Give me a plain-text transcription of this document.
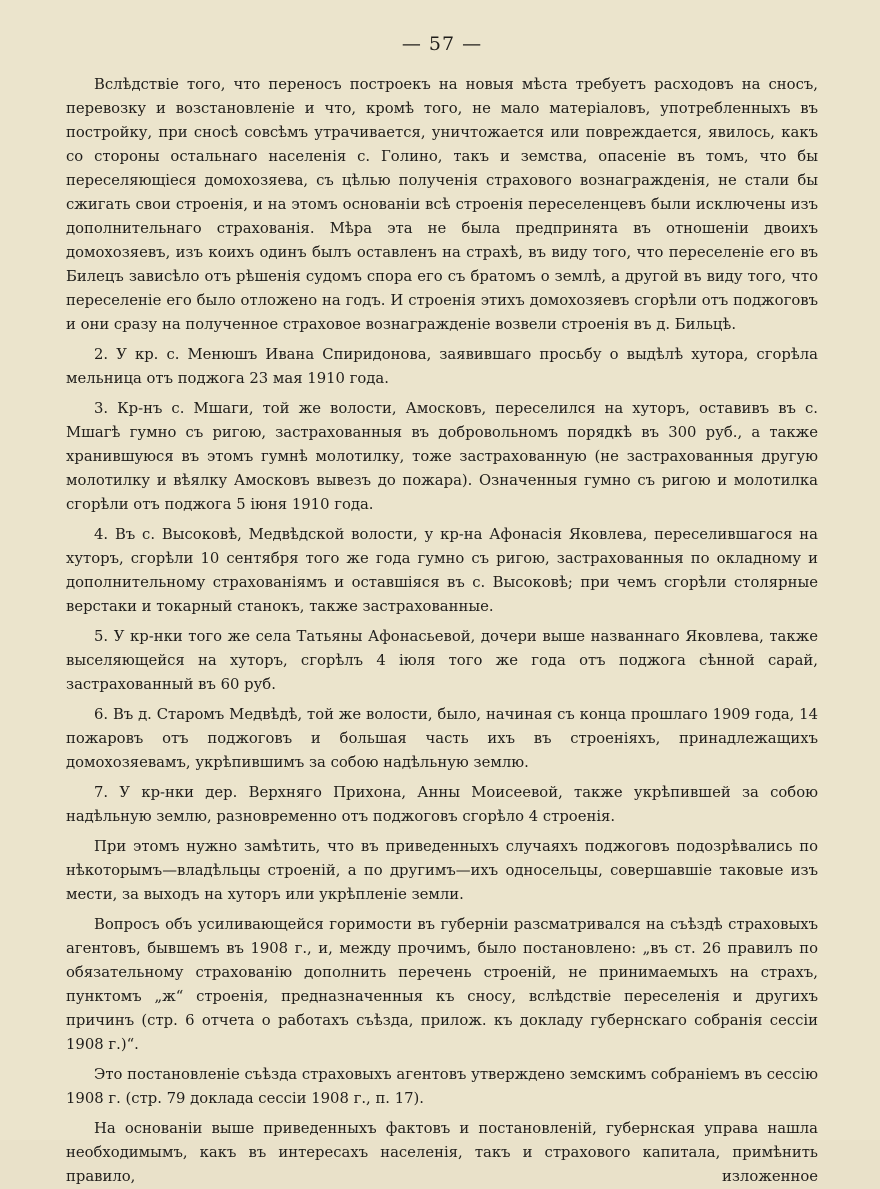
— 57 —

Вслѣдствіе того, что переносъ построекъ на новыя мѣста требуетъ расходовъ на сносъ, перевозку и возстановленіе и что, кромѣ того, не мало матеріаловъ, употребленныхъ въ постройку, при сносѣ совсѣмъ утрачивается, уничтожается или повреждается, явилось, какъ со стороны остальнаго населенія с. Голино, такъ и земства, опасеніе въ томъ, что бы переселяющіеся домохозяева, съ цѣлью полученія страхового вознагражденія, не стали бы сжигать свои строенія, и на этомъ основаніи всѣ строенія переселенцевъ были исключены изъ дополнительнаго страхованія. Мѣра эта не была предпринята въ отношеніи двоихъ домохозяевъ, изъ коихъ одинъ былъ оставленъ на страхѣ, въ виду того, что переселеніе его въ Билецъ зависѣло отъ рѣшенія судомъ спора его съ братомъ о землѣ, а другой въ виду того, что переселеніе его было отложено на годъ. И строенія этихъ домохозяевъ сгорѣли отъ поджоговъ и они сразу на полученное страховое вознагражденіе возвели строенія въ д. Бильцѣ.

2. У кр. с. Менюшъ Ивана Спиридонова, заявившаго просьбу о выдѣлѣ хутора, сгорѣла мельница отъ поджога 23 мая 1910 года.

3. Кр-нъ с. Мшаги, той же волости, Амосковъ, переселился на хуторъ, оставивъ въ с. Мшагѣ гумно съ ригою, застрахованныя въ добровольномъ порядкѣ въ 300 руб., а также хранившуюся въ этомъ гумнѣ молотилку, тоже застрахованную (не застрахованныя другую молотилку и вѣялку Амосковъ вывезъ до пожара). Означенныя гумно съ ригою и молотилка сгорѣли отъ поджога 5 іюня 1910 года.

4. Въ с. Высоковѣ, Медвѣдской волости, у кр-на Афонасія Яковлева, переселившагося на хуторъ, сгорѣли 10 сентября того же года гумно съ ригою, застрахованныя по окладному и дополнительному страхованіямъ и оставшіяся въ с. Высоковѣ; при чемъ сгорѣли столярные верстаки и токарный станокъ, также застрахованные.

5. У кр-нки того же села Татьяны Афонасьевой, дочери выше названнаго Яковлева, также выселяющейся на хуторъ, сгорѣлъ 4 іюля того же года отъ поджога сѣнной сарай, застрахованный въ 60 руб.

6. Въ д. Старомъ Медвѣдѣ, той же волости, было, начиная съ конца прошлаго 1909 года, 14 пожаровъ отъ поджоговъ и большая часть ихъ въ строеніяхъ, принадлежащихъ домохозяевамъ, укрѣпившимъ за собою надѣльную землю.

7. У кр-нки дер. Верхняго Прихона, Анны Моисеевой, также укрѣпившей за собою надѣльную землю, разновременно отъ поджоговъ сгорѣло 4 строенія.

При этомъ нужно замѣтить, что въ приведенныхъ случаяхъ поджоговъ подозрѣвались по нѣкоторымъ—владѣльцы строеній, а по другимъ—ихъ односельцы, совершавшіе таковые изъ мести, за выходъ на хуторъ или укрѣпленіе земли.

Вопросъ объ усиливающейся горимости въ губерніи разсматривался на съѣздѣ страховыхъ агентовъ, бывшемъ въ 1908 г., и, между прочимъ, было постановлено: „въ ст. 26 правилъ по обязательному страхованію дополнить перечень строеній, не принимаемыхъ на страхъ, пунктомъ „ж“ строенія, предназначенныя къ сносу, вслѣдствіе переселенія и другихъ причинъ (стр. 6 отчета о работахъ съѣзда, прилож. къ докладу губернскаго собранія сессіи 1908 г.)“.

Это постановленіе съѣзда страховыхъ агентовъ утверждено земскимъ собраніемъ въ сессію 1908 г. (стр. 79 доклада сессіи 1908 г., п. 17).

На основаніи выше приведенныхъ фактовъ и постановленій, губернская управа нашла необходимымъ, какъ въ интересахъ населенія, такъ и страхового капитала, примѣнить правило, изложенное
